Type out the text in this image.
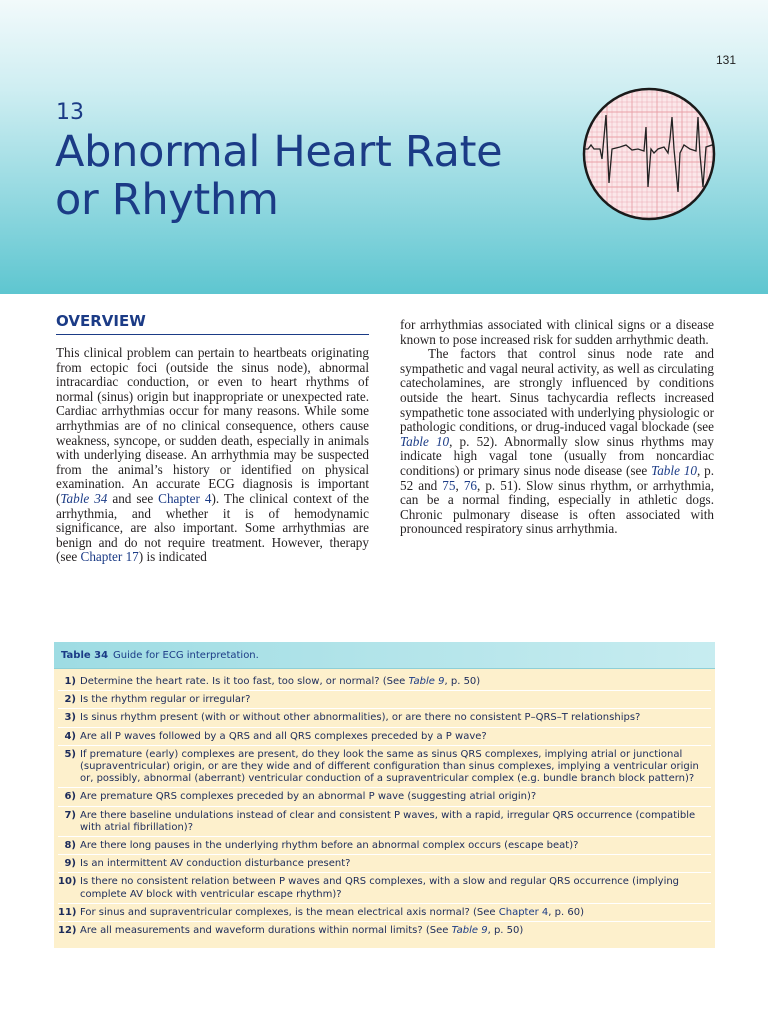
131
13
Abnormal Heart Rate or Rhythm
OVERVIEW

This clinical problem can pertain to heartbeats originating from ectopic foci (outside the sinus node), abnormal intracardiac conduction, or even to heart rhythms of normal (sinus) origin but inappropriate or unexpected rate. Cardiac arrhythmias occur for many reasons. While some arrhythmias are of no clinical consequence, others cause weakness, syncope, or sudden death, especially in animals with underlying disease. An arrhythmia may be suspected from the animal’s history or identified on physical examination. An accurate ECG diagnosis is important (Table 34 and see Chapter 4). The clinical context of the arrhythmia, and whether it is of hemodynamic significance, are also important. Some arrhythmias are benign and do not require treatment. However, therapy (see Chapter 17) is indicated

for arrhythmias associated with clinical signs or a disease known to pose increased risk for sudden arrhythmic death.

The factors that control sinus node rate and sympathetic and vagal neural activity, as well as circulating catecholamines, are strongly influenced by conditions outside the heart. Sinus tachycardia reflects increased sympathetic tone associated with underlying physiologic or pathologic conditions, or drug-induced vagal blockade (see Table 10, p. 52). Abnormally slow sinus rhythms may indicate high vagal tone (usually from noncardiac conditions) or primary sinus node disease (see Table 10, p. 52 and 75, 76, p. 51). Slow sinus rhythm, or arrhythmia, can be a normal finding, especially in athletic dogs. Chronic pulmonary disease is often associated with pronounced respiratory sinus arrhythmia.

Table 34 Guide for ECG interpretation.
1) Determine the heart rate. Is it too fast, too slow, or normal? (See Table 9, p. 50)
2) Is the rhythm regular or irregular?
3) Is sinus rhythm present (with or without other abnormalities), or are there no consistent P–QRS–T relationships?
4) Are all P waves followed by a QRS and all QRS complexes preceded by a P wave?
5) If premature (early) complexes are present, do they look the same as sinus QRS complexes, implying atrial or junctional (supraventricular) origin, or are they wide and of different configuration than sinus complexes, implying a ventricular origin or, possibly, abnormal (aberrant) ventricular conduction of a supraventricular complex (e.g. bundle branch block pattern)?
6) Are premature QRS complexes preceded by an abnormal P wave (suggesting atrial origin)?
7) Are there baseline undulations instead of clear and consistent P waves, with a rapid, irregular QRS occurrence (compatible with atrial fibrillation)?
8) Are there long pauses in the underlying rhythm before an abnormal complex occurs (escape beat)?
9) Is an intermittent AV conduction disturbance present?
10) Is there no consistent relation between P waves and QRS complexes, with a slow and regular QRS occurrence (implying complete AV block with ventricular escape rhythm)?
11) For sinus and supraventricular complexes, is the mean electrical axis normal? (See Chapter 4, p. 60)
12) Are all measurements and waveform durations within normal limits? (See Table 9, p. 50)
